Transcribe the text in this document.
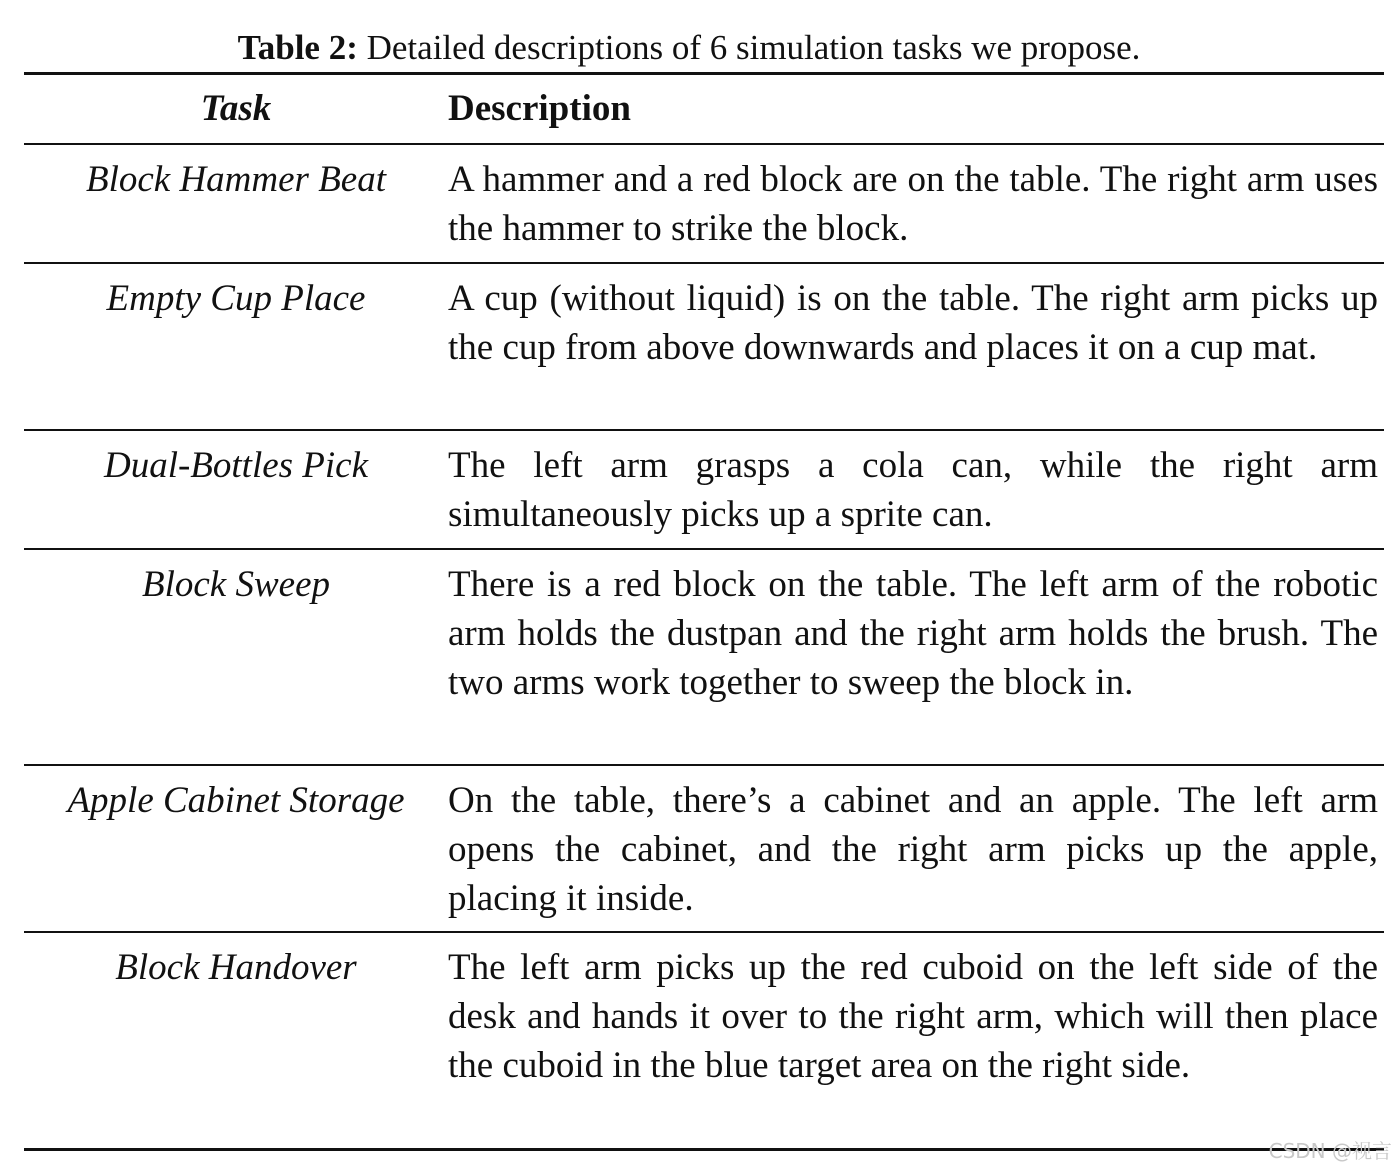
Table 2: Detailed descriptions of 6 simulation tasks we propose.
Task	Description
Block Hammer Beat	A hammer and a red block are on the table. The right arm uses the hammer to strike the block.
Empty Cup Place	A cup (without liquid) is on the table. The right arm picks up the cup from above downwards and places it on a cup mat.
Dual-Bottles Pick	The left arm grasps a cola can, while the right arm simultaneously picks up a sprite can.
Block Sweep	There is a red block on the table. The left arm of the robotic arm holds the dustpan and the right arm holds the brush. The two arms work together to sweep the block in.
Apple Cabinet Storage	On the table, there’s a cabinet and an apple. The left arm opens the cabinet, and the right arm picks up the apple, placing it inside.
Block Handover	The left arm picks up the red cuboid on the left side of the desk and hands it over to the right arm, which will then place the cuboid in the blue target area on the right side.
CSDN @视言
